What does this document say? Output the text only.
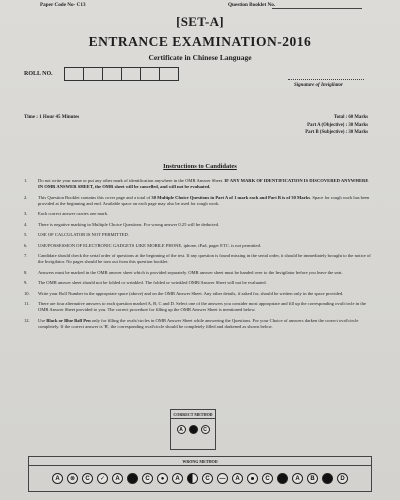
Paper Code No- C13	Question Booklet No.
[SET-A]
ENTRANCE EXAMINATION-2016
Certificate in Chinese Language
ROLL NO.
Signature of Invigilator
Time : 1 Hour 45 Minutes	Total : 60 Marks
Part A (Objective) : 30 Marks
Part B (Subjective) : 30 Marks
Instructions to Candidates
1. Do not write your name or put any other mark of identification anywhere in the OMR Answer Sheet. IF ANY MARK OF IDENTIFICATION IS DISCOVERED ANYWHERE IN OMR ANSWER SHEET, the OMR sheet will be cancelled, and will not be evaluated.
2. This Question Booklet contains this cover page and a total of 30 Multiple Choice Questions in Part A of 1 mark each and Part B is of 30 Marks. Space for rough work has been provided at the beginning and end. Available space on each page may also be used for rough work.
3. Each correct answer carries one mark.
4. There is negative marking in Multiple Choice Questions. For wrong answer 0.25 will be deducted.
5. USE OF CALCULATOR IS NOT PERMITTED.
6. USE/POSSESSION OF ELECTRONIC GADGETS LIKE MOBILE PHONE, iphone, iPad, pager ETC. is not permitted.
7. Candidate should check the serial order of questions at the beginning of the test. If any question is found missing in the serial order, it should be immediately brought to the notice of the Invigilator. No pages should be torn out from this question booklet.
8. Answers must be marked in the OMR answer sheet which is provided separately. OMR answer sheet must be handed over to the Invigilator before you leave the seat.
9. The OMR answer sheet should not be folded or wrinkled. The folded or wrinkled OMR/Answer Sheet will not be evaluated.
10. Write your Roll Number in the appropriate space (above) and on the OMR Answer Sheet. Any other details, if asked for, should be written only in the space provided.
11. There are four alternative answers to each question marked A, B, C and D. Select one of the answers you consider most appropriate and fill up the corresponding oval/circle in the OMR Answer Sheet provided to you. The correct procedure for filling up the OMR Answer Sheet is mentioned below.
12. Use Black or Blue Ball Pen only for filling the ovals/circles in OMR Answer Sheet while answering the Questions. For your Choice of answers darken the correct oval/circle completely. If the correct answer is 'B', the corresponding oval/circle should be completely filled and darkened as shown below.
CORRECT METHOD
A	C
WRONG METHOD
A	⊗	C	✓	A	C	●	A	C	—	A	C	A	B	D
